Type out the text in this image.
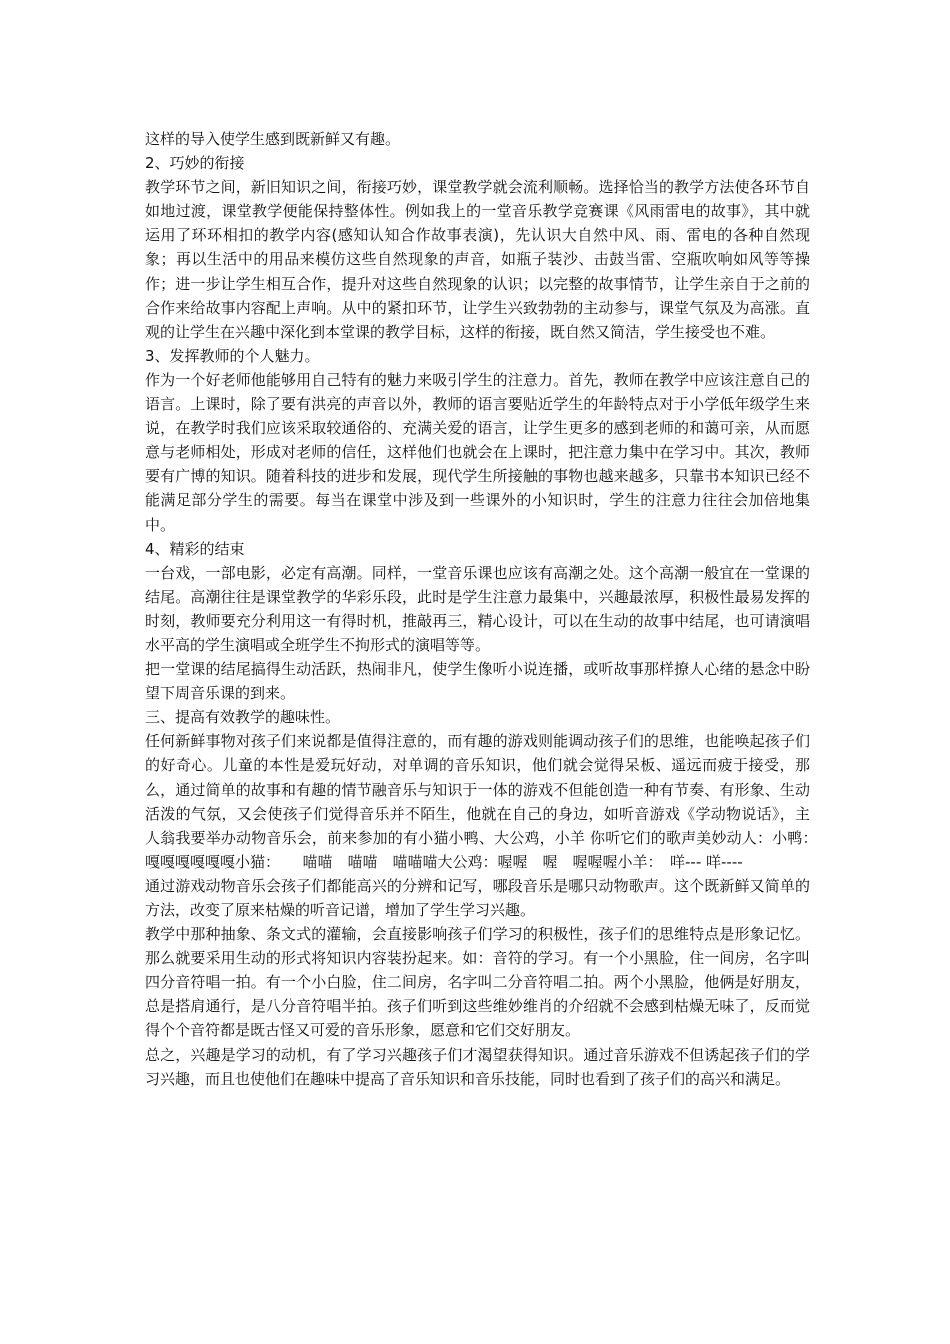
这样的导入使学生感到既新鲜又有趣。

2、巧妙的衔接

教学环节之间，新旧知识之间，衔接巧妙，课堂教学就会流利顺畅。选择恰当的教学方法使各环节自如地过渡，课堂教学便能保持整体性。例如我上的一堂音乐教学竞赛课《风雨雷电的故事》，其中就运用了环环相扣的教学内容(感知认知合作故事表演)，先认识大自然中风、雨、雷电的各种自然现象；再以生活中的用品来模仿这些自然现象的声音，如瓶子装沙、击鼓当雷、空瓶吹响如风等等操作；进一步让学生相互合作，提升对这些自然现象的认识；以完整的故事情节，让学生亲自于之前的合作来给故事内容配上声响。从中的紧扣环节，让学生兴致勃勃的主动参与，课堂气氛及为高涨。直观的让学生在兴趣中深化到本堂课的教学目标，这样的衔接，既自然又简洁，学生接受也不难。

3、发挥教师的个人魅力。

作为一个好老师他能够用自己特有的魅力来吸引学生的注意力。首先，教师在教学中应该注意自己的语言。上课时，除了要有洪亮的声音以外，教师的语言要贴近学生的年龄特点对于小学低年级学生来说，在教学时我们应该采取较通俗的、充满关爱的语言，让学生更多的感到老师的和蔼可亲，从而愿意与老师相处，形成对老师的信任，这样他们也就会在上课时，把注意力集中在学习中。其次，教师要有广博的知识。随着科技的进步和发展，现代学生所接触的事物也越来越多，只靠书本知识已经不能满足部分学生的需要。每当在课堂中涉及到一些课外的小知识时，学生的注意力往往会加倍地集中。

4、精彩的结束

一台戏，一部电影，必定有高潮。同样，一堂音乐课也应该有高潮之处。这个高潮一般宜在一堂课的结尾。高潮往往是课堂教学的华彩乐段，此时是学生注意力最集中，兴趣最浓厚，积极性最易发挥的时刻，教师要充分利用这一有得时机，推敲再三，精心设计，可以在生动的故事中结尾，也可请演唱水平高的学生演唱或全班学生不拘形式的演唱等等。

把一堂课的结尾搞得生动活跃，热闹非凡，使学生像听小说连播，或听故事那样撩人心绪的悬念中盼望下周音乐课的到来。

三、提高有效教学的趣味性。

任何新鲜事物对孩子们来说都是值得注意的，而有趣的游戏则能调动孩子们的思维，也能唤起孩子们的好奇心。儿童的本性是爱玩好动，对单调的音乐知识，他们就会觉得呆板、遥远而疲于接受，那么，通过简单的故事和有趣的情节融音乐与知识于一体的游戏不但能创造一种有节奏、有形象、生动活泼的气氛，又会使孩子们觉得音乐并不陌生，他就在自己的身边，如听音游戏《学动物说话》，主人翁我要举办动物音乐会，前来参加的有小猫小鸭、大公鸡，小羊 你听它们的歌声美妙动人：小鸭：　　嘎嘎嘎嘎嘎嘎小猫：　　喵喵　喵喵　喵喵喵大公鸡：喔喔　喔　喔喔喔小羊：　咩--- 咩----

通过游戏动物音乐会孩子们都能高兴的分辨和记写，哪段音乐是哪只动物歌声。这个既新鲜又简单的方法，改变了原来枯燥的听音记谱，增加了学生学习兴趣。

教学中那种抽象、条文式的灌输，会直接影响孩子们学习的积极性，孩子们的思维特点是形象记忆。那么就要采用生动的形式将知识内容装扮起来。如：音符的学习。有一个小黑脸，住一间房，名字叫四分音符唱一拍。有一个小白脸，住二间房，名字叫二分音符唱二拍。两个小黑脸，他俩是好朋友，总是搭肩通行，是八分音符唱半拍。孩子们听到这些维妙维肖的介绍就不会感到枯燥无味了，反而觉得个个音符都是既古怪又可爱的音乐形象，愿意和它们交好朋友。

总之，兴趣是学习的动机，有了学习兴趣孩子们才渴望获得知识。通过音乐游戏不但诱起孩子们的学习兴趣，而且也使他们在趣味中提高了音乐知识和音乐技能，同时也看到了孩子们的高兴和满足。
